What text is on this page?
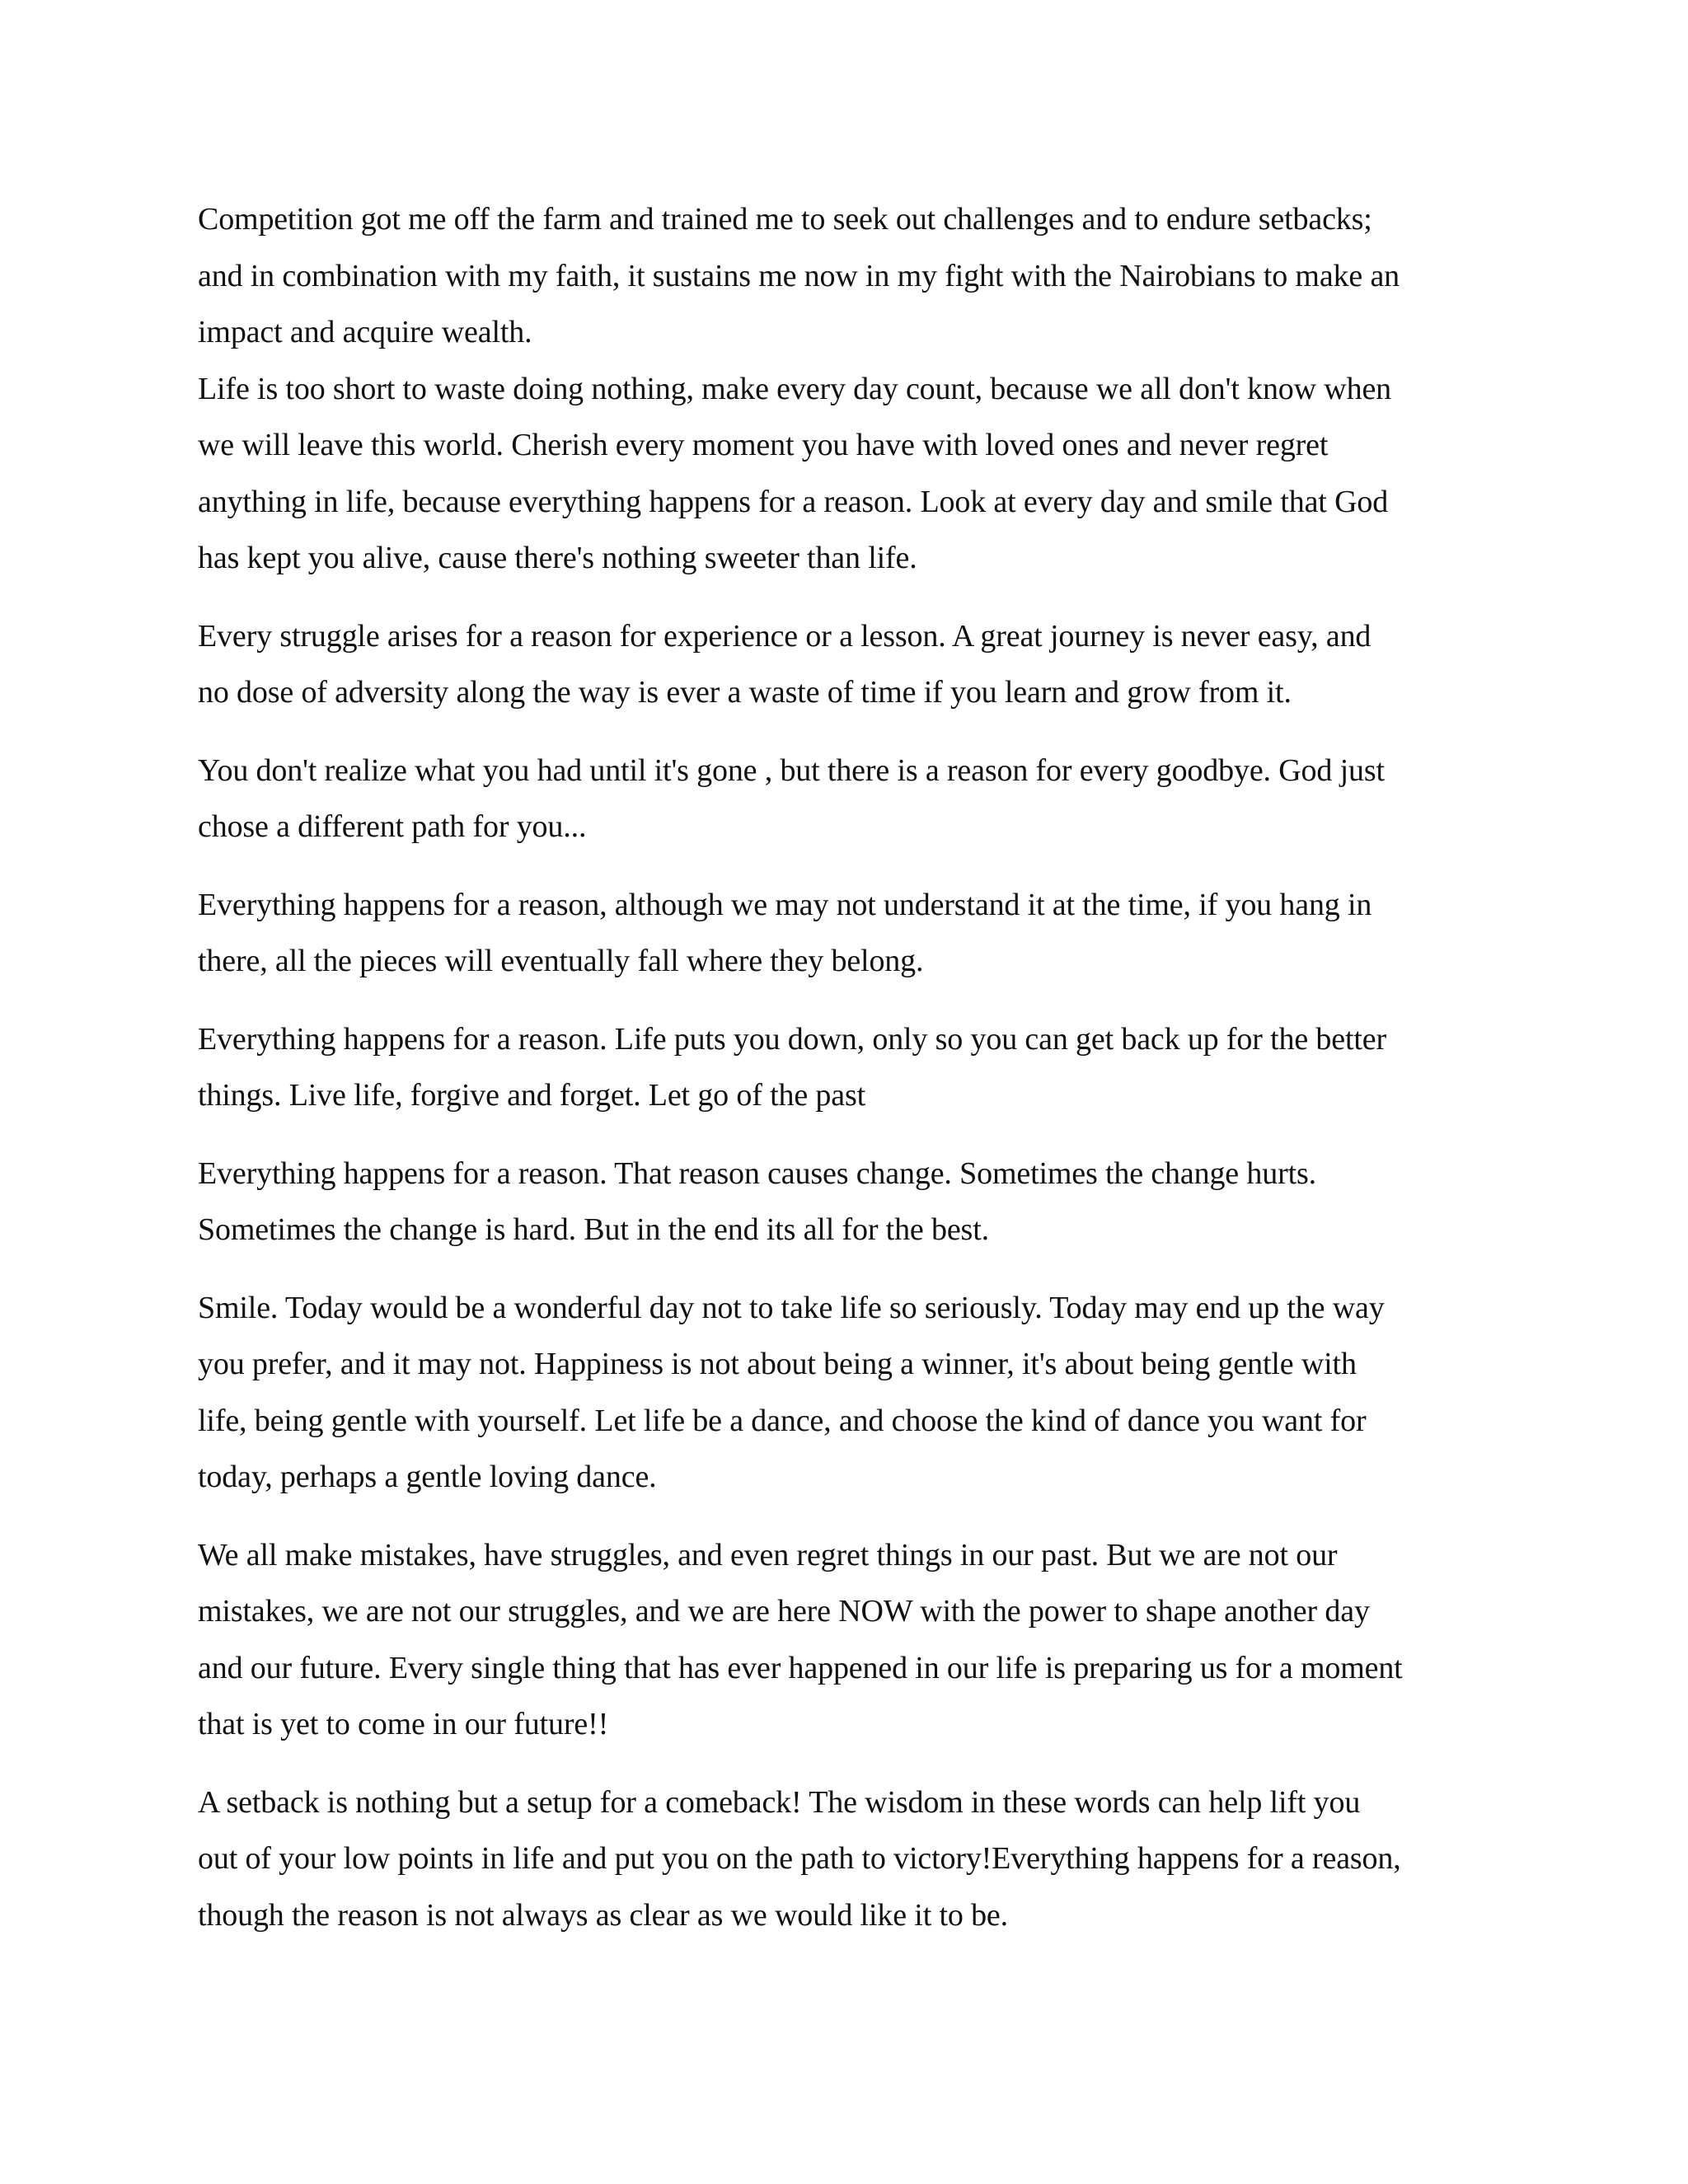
Competition got me off the farm and trained me to seek out challenges and to endure setbacks;
and in combination with my faith, it sustains me now in my fight with the Nairobians to make an
impact and acquire wealth.

Life is too short to waste doing nothing, make every day count, because we all don't know when
we will leave this world. Cherish every moment you have with loved ones and never regret
anything in life, because everything happens for a reason. Look at every day and smile that God
has kept you alive, cause there's nothing sweeter than life.

Every struggle arises for a reason for experience or a lesson. A great journey is never easy, and
no dose of adversity along the way is ever a waste of time if you learn and grow from it.

You don't realize what you had until it's gone , but there is a reason for every goodbye. God just
chose a different path for you...

Everything happens for a reason, although we may not understand it at the time, if you hang in
there, all the pieces will eventually fall where they belong.

Everything happens for a reason. Life puts you down, only so you can get back up for the better
things. Live life, forgive and forget. Let go of the past

Everything happens for a reason. That reason causes change. Sometimes the change hurts.
Sometimes the change is hard. But in the end its all for the best.

Smile. Today would be a wonderful day not to take life so seriously. Today may end up the way
you prefer, and it may not. Happiness is not about being a winner, it's about being gentle with
life, being gentle with yourself. Let life be a dance, and choose the kind of dance you want for
today, perhaps a gentle loving dance.

We all make mistakes, have struggles, and even regret things in our past. But we are not our
mistakes, we are not our struggles, and we are here NOW with the power to shape another day
and our future. Every single thing that has ever happened in our life is preparing us for a moment
that is yet to come in our future!!

A setback is nothing but a setup for a comeback! The wisdom in these words can help lift you
out of your low points in life and put you on the path to victory!Everything happens for a reason,
though the reason is not always as clear as we would like it to be.
